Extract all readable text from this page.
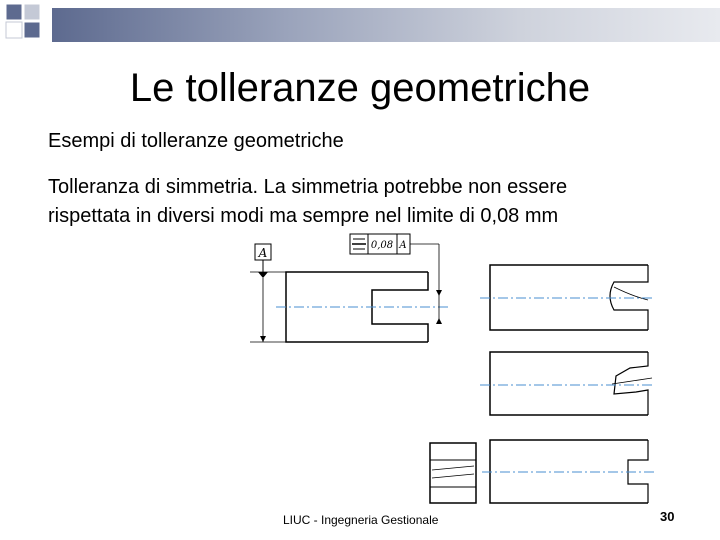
Le tolleranze geometriche
Esempi di tolleranze geometriche
Tolleranza di simmetria. La simmetria potrebbe non essere rispettata in diversi modi ma sempre nel limite di 0,08 mm
A
0,08 A
LIUC - Ingegneria Gestionale	30
